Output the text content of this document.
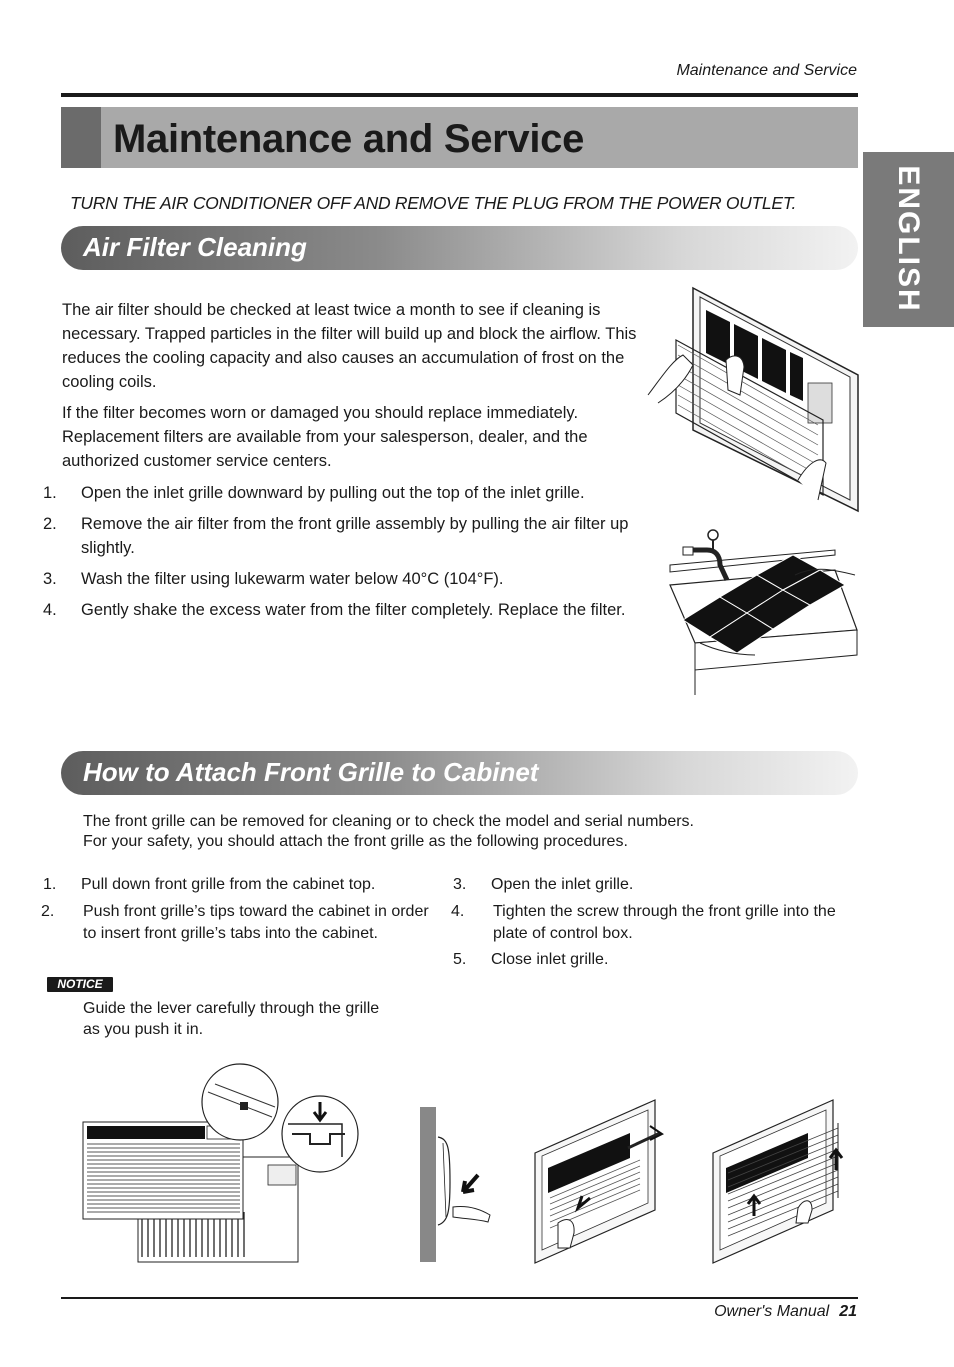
Maintenance and Service
Maintenance and Service
ENGLISH
TURN THE AIR CONDITIONER OFF AND REMOVE THE PLUG FROM THE POWER OUTLET.
Air Filter Cleaning
The air filter should be checked at least twice a month to see if cleaning is necessary. Trapped particles in the filter will build up and block the airflow. This reduces the cooling capacity and also causes an accumulation of frost on the cooling coils.
If the filter becomes worn or damaged you should replace immediately. Replacement filters are available from your salesperson, dealer, and the authorized customer service centers.
1. Open the inlet grille downward by pulling out the top of the inlet grille.
2. Remove the air filter from the front grille assembly by pulling the air filter up slightly.
3. Wash the filter using lukewarm water below 40°C (104°F).
4. Gently shake the excess water from the filter completely. Replace the filter.
How to Attach Front Grille to Cabinet
The front grille can be removed for cleaning or to check the model and serial numbers.
For your safety, you should attach the front grille as the following procedures.
1. Pull down front grille from the cabinet top.
2. Push front grille’s tips toward the cabinet in order to insert front grille’s tabs into the cabinet.
3. Open the inlet grille.
4. Tighten the screw through the front grille into the plate of control box.
5. Close inlet grille.
NOTICE
Guide the lever carefully through the grille as you push it in.
Owner's Manual 21
